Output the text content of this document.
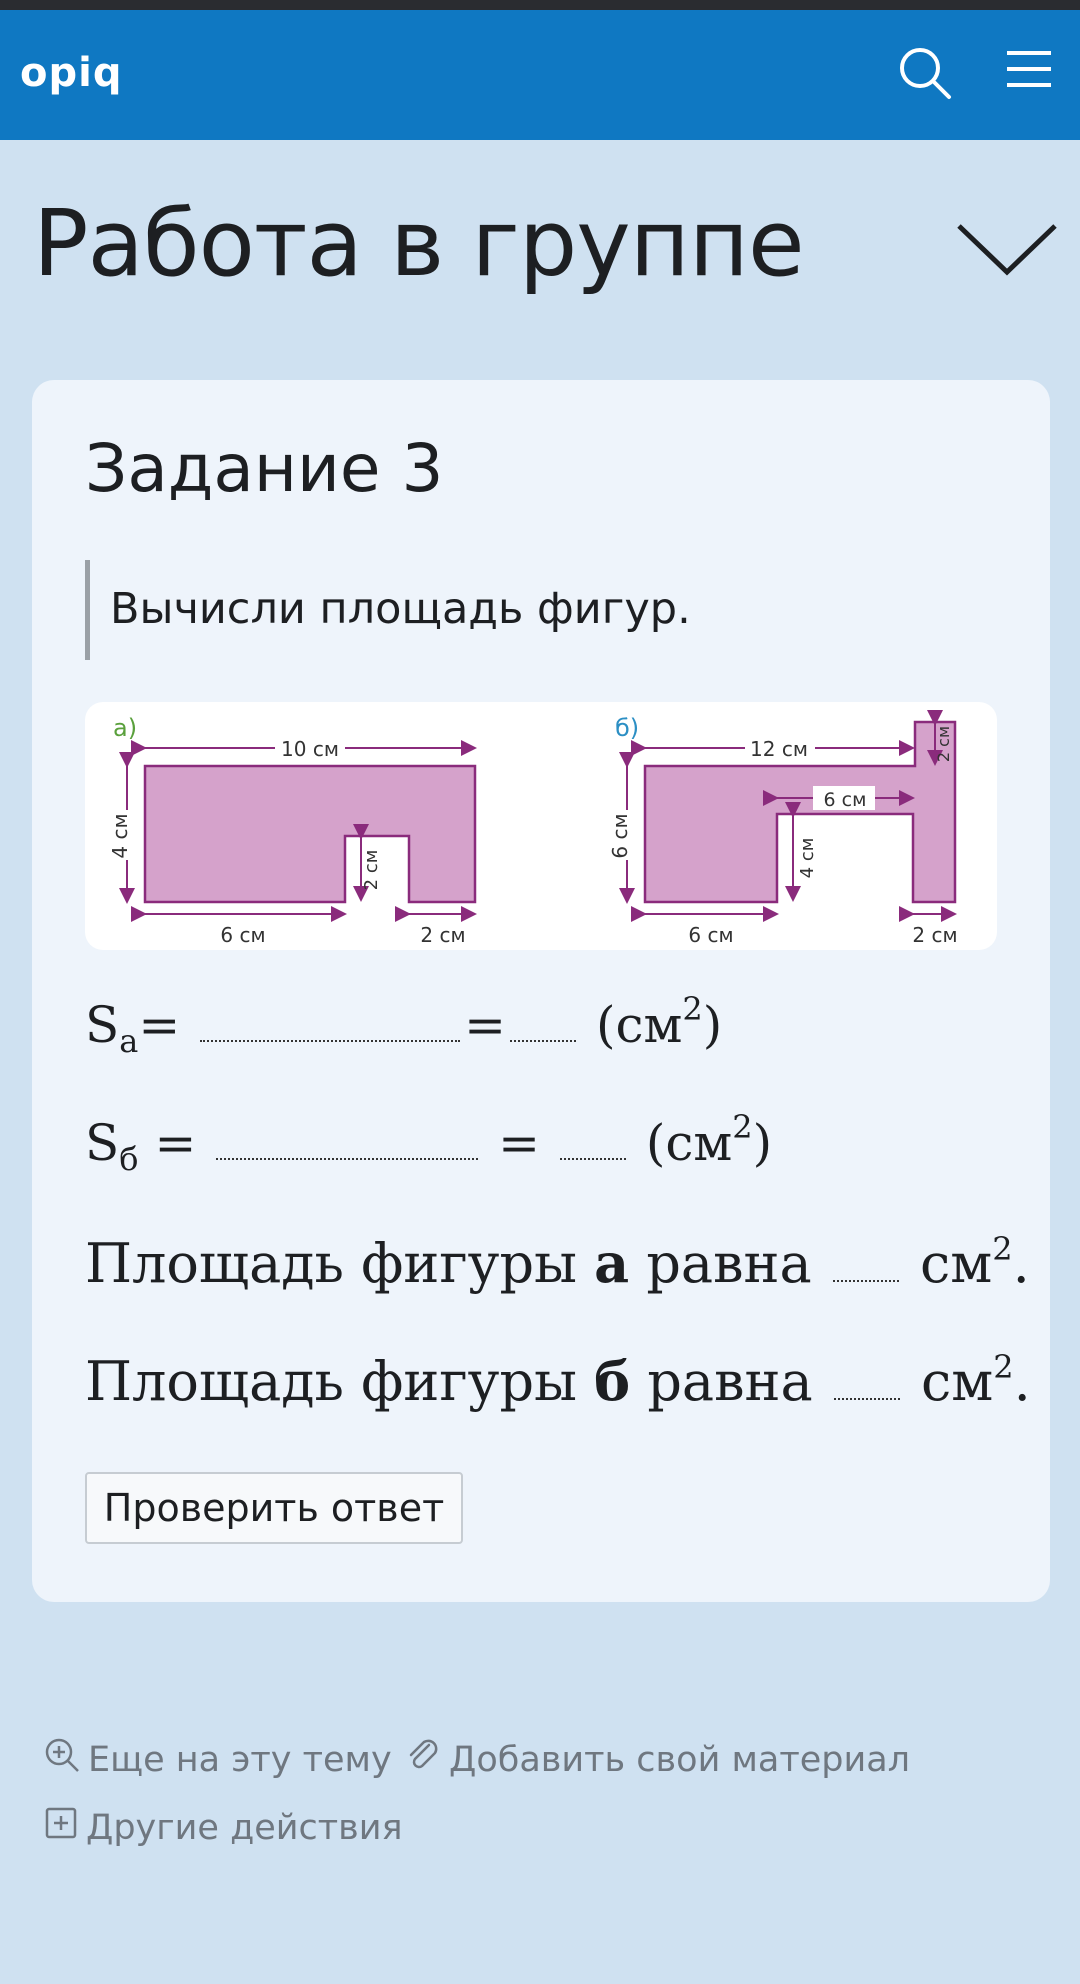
opiq
Работа в группе
Задание 3
Вычисли площадь фигур.
а)
10 см
4 см
2 см
6 см	2 см
б)
12 см
6 см
6 см
4 см
2 см
6 см	2 см
$S_а=$	= $(см^2)$
$S_б$ =	= $(см^2)$
Площадь фигуры а равна $см^2$.
Площадь фигуры б равна $см^2$.
Проверить ответ
Еще на эту тему Добавить свой материал
Другие действия
